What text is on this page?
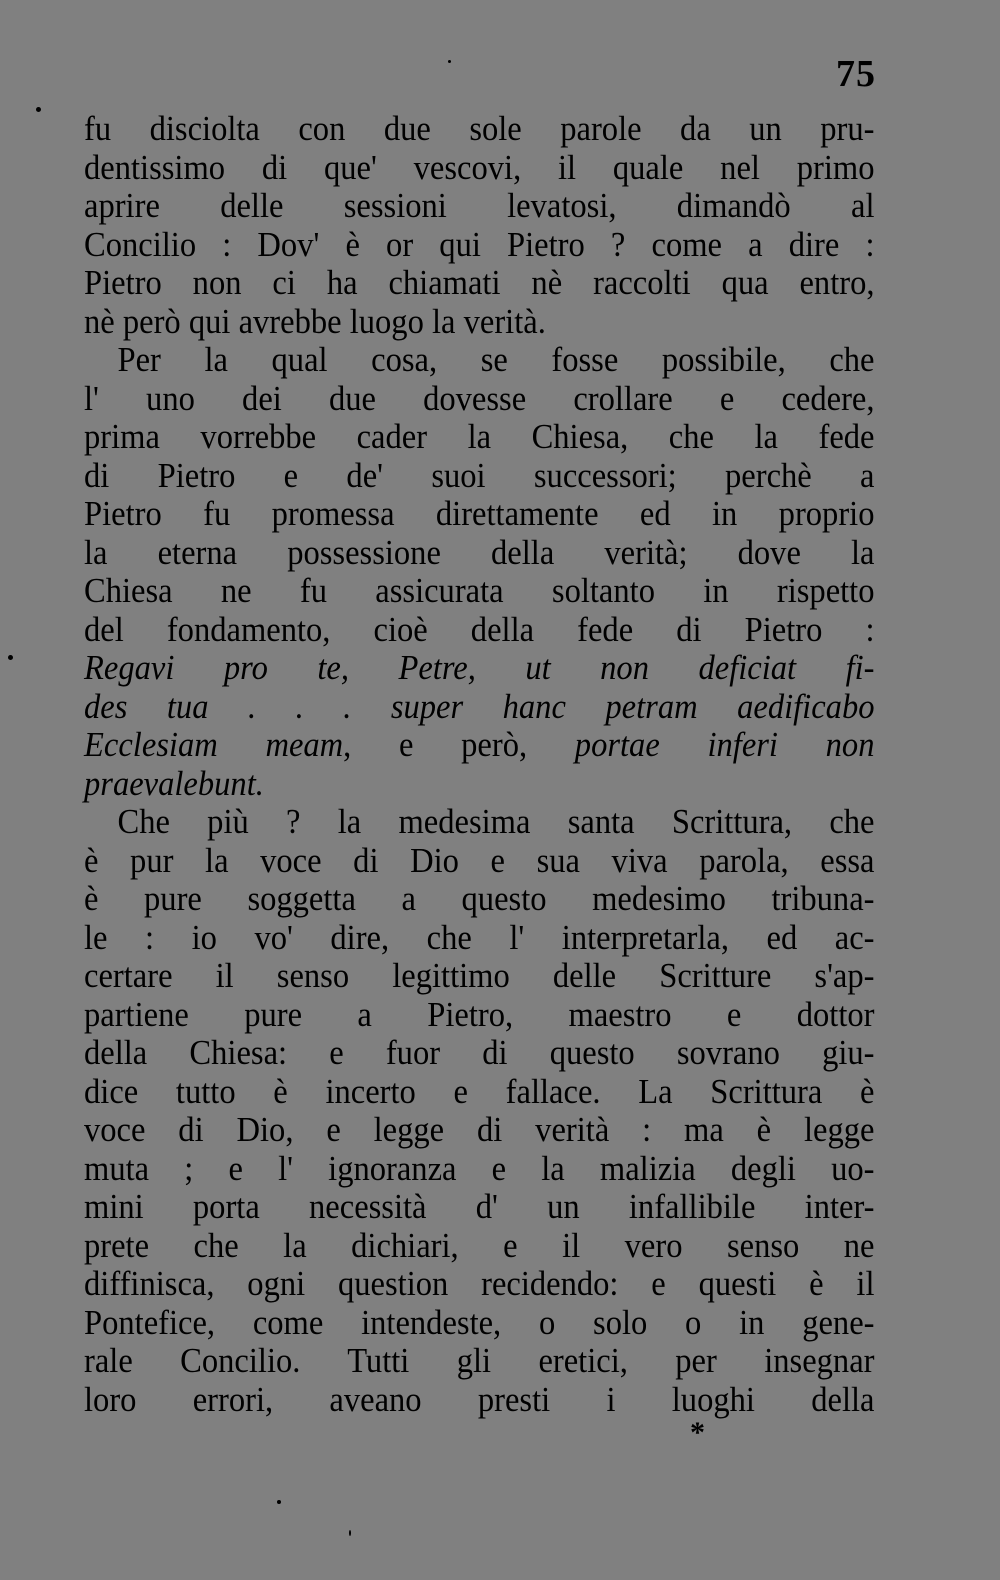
75
fu disciolta con due sole parole da un pru-
dentissimo di que' vescovi, il quale nel primo
aprire delle sessioni levatosi, dimandò al
Concilio : Dov' è or qui Pietro ? come a dire :
Pietro non ci ha chiamati nè raccolti qua entro,
nè però qui avrebbe luogo la verità.
Per la qual cosa, se fosse possibile, che
l' uno dei due dovesse crollare e cedere,
prima vorrebbe cader la Chiesa, che la fede
di Pietro e de' suoi successori; perchè a
Pietro fu promessa direttamente ed in proprio
la eterna possessione della verità; dove la
Chiesa ne fu assicurata soltanto in rispetto
del fondamento, cioè della fede di Pietro :
Regavi pro te, Petre, ut non deficiat fi-
des tua . . . super hanc petram aedificabo
Ecclesiam meam, e però, portae inferi non
praevalebunt.
Che più ? la medesima santa Scrittura, che
è pur la voce di Dio e sua viva parola, essa
è pure soggetta a questo medesimo tribuna-
le : io vo' dire, che l' interpretarla, ed ac-
certare il senso legittimo delle Scritture s'ap-
partiene pure a Pietro, maestro e dottor
della Chiesa: e fuor di questo sovrano giu-
dice tutto è incerto e fallace. La Scrittura è
voce di Dio, e legge di verità : ma è legge
muta ; e l' ignoranza e la malizia degli uo-
mini porta necessità d' un infallibile inter-
prete che la dichiari, e il vero senso ne
diffinisca, ogni question recidendo: e questi è il
Pontefice, come intendeste, o solo o in gene-
rale Concilio. Tutti gli eretici, per insegnar
loro errori, aveano presti i luoghi della
*
